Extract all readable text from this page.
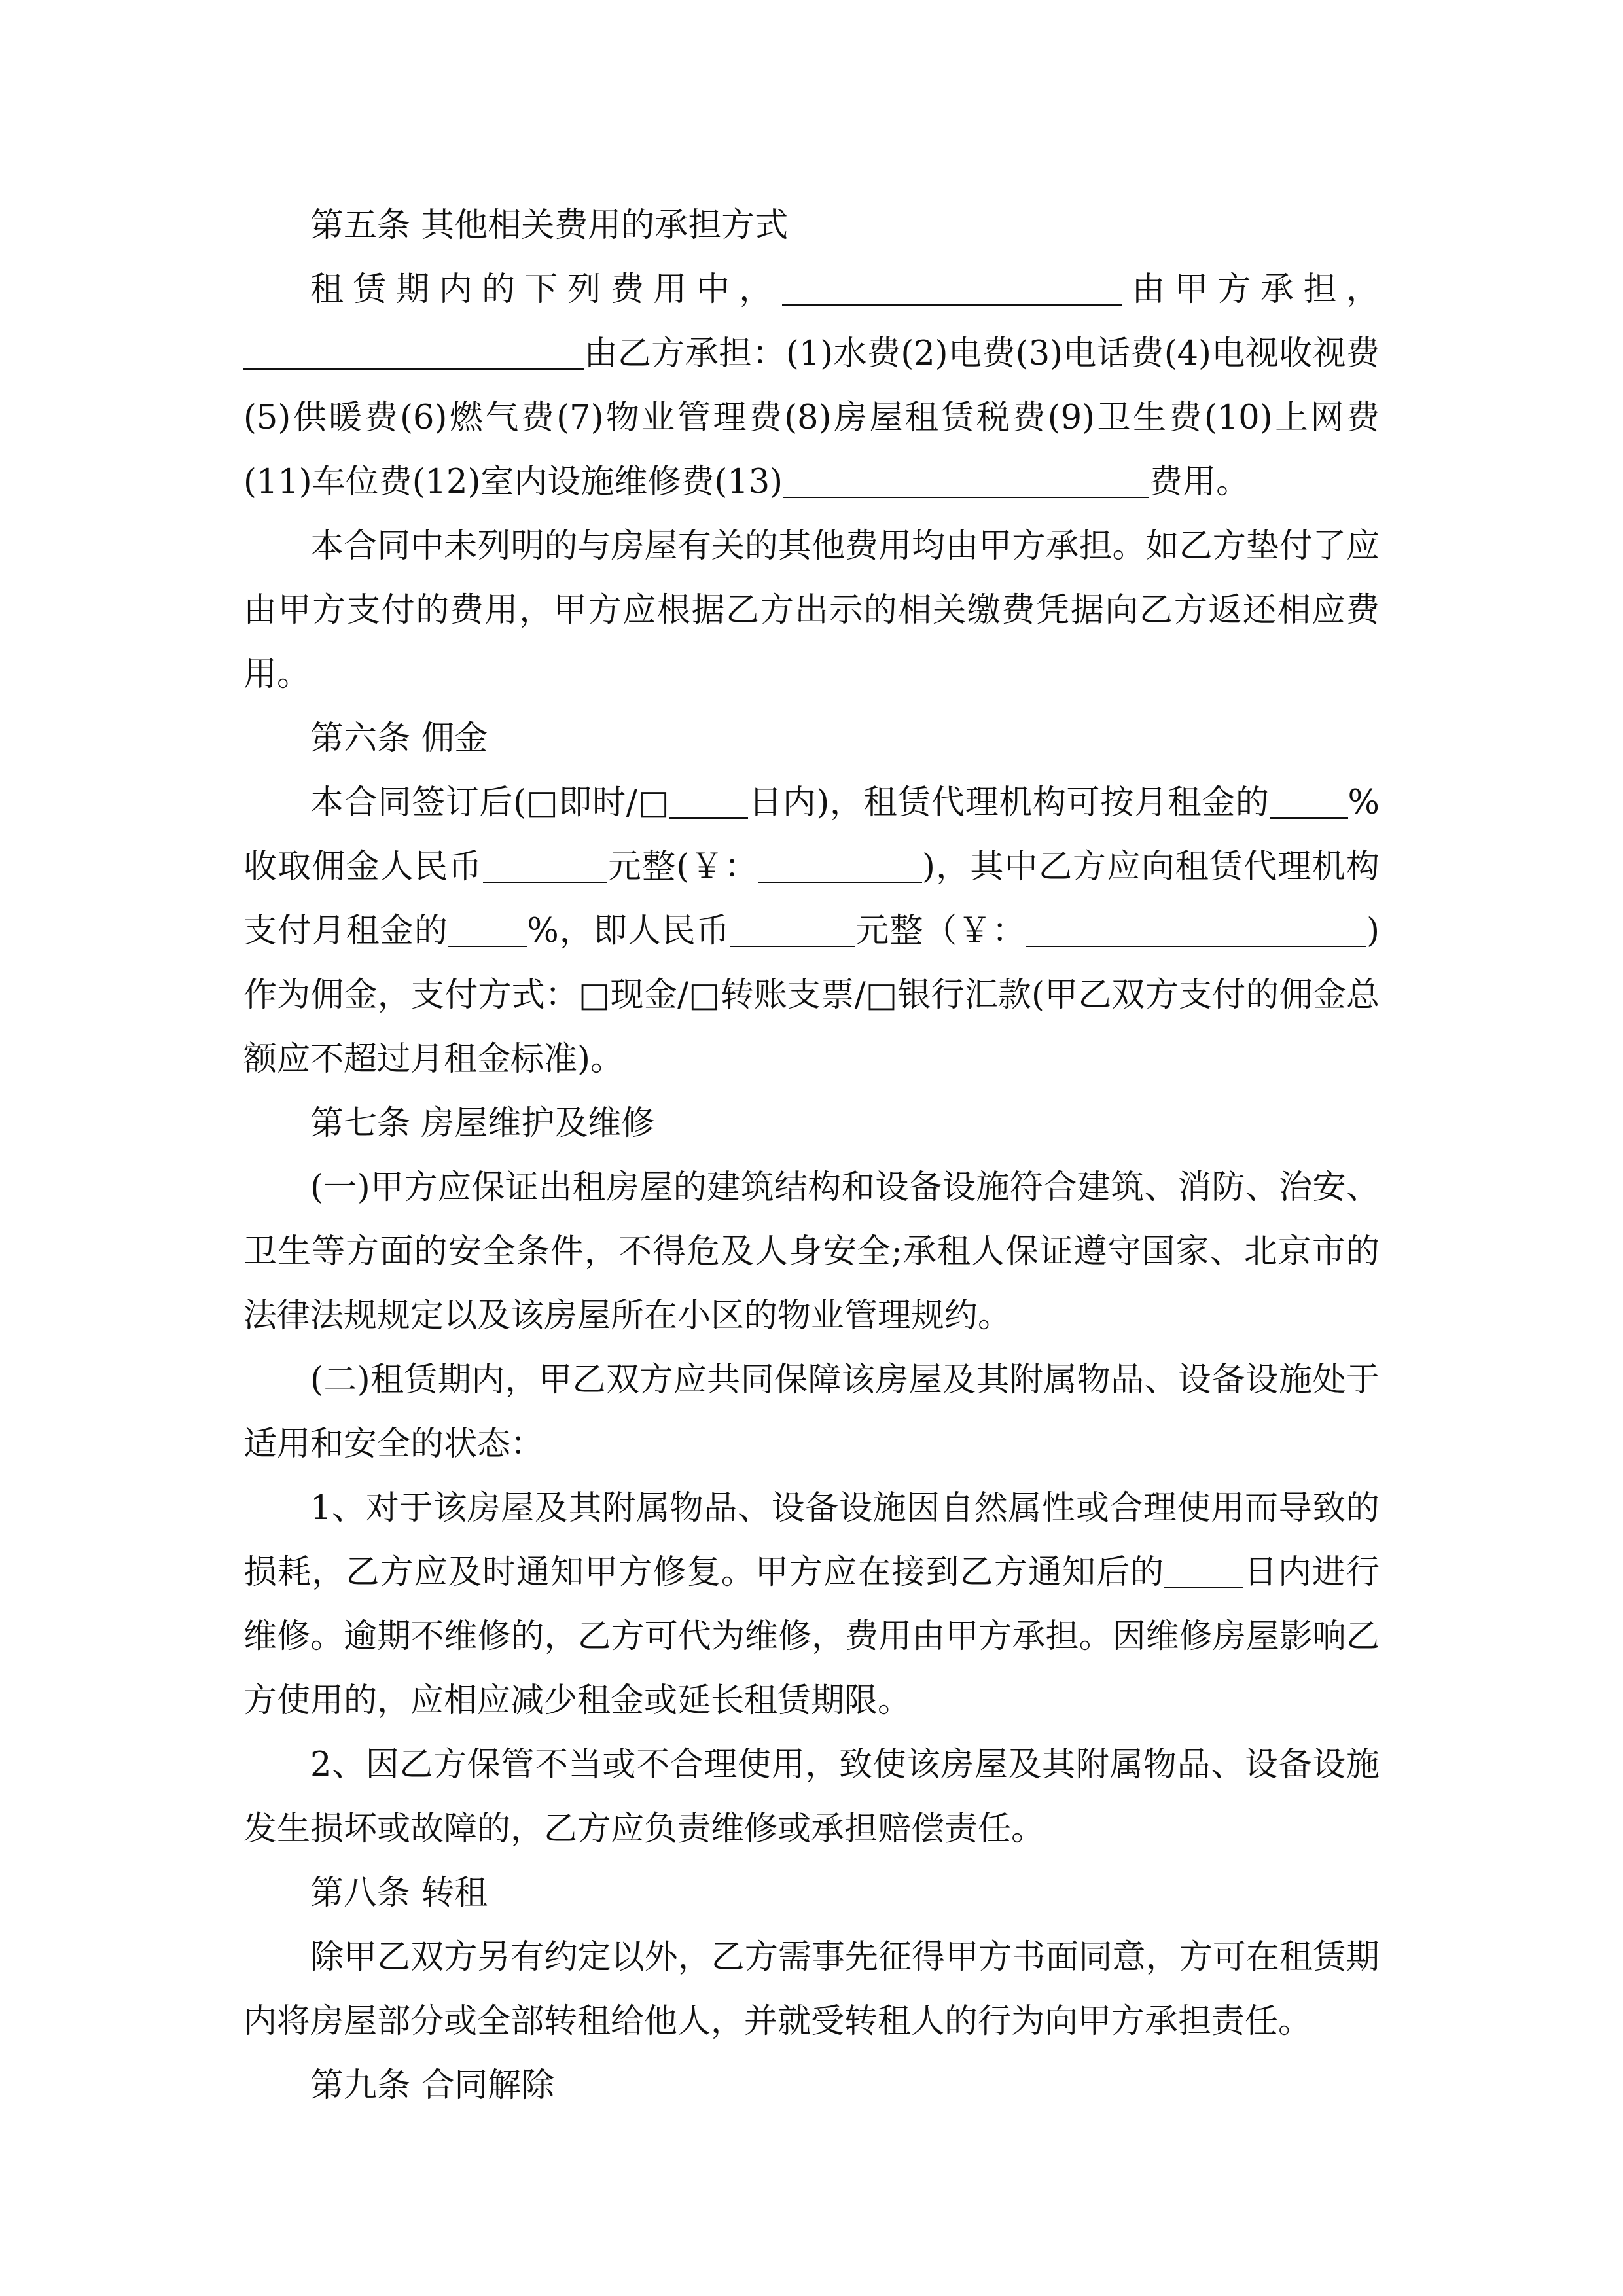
第五条 其他相关费用的承担方式

租赁期内的下列费用中，	由甲方承担，由乙方承担：(1)水费(2)电费(3)电话费(4)电视收视费(5)供暖费(6)燃气费(7)物业管理费(8)房屋租赁税费(9)卫生费(10)上网费(11)车位费(12)室内设施维修费(13)	费用。

本合同中未列明的与房屋有关的其他费用均由甲方承担。如乙方垫付了应由甲方支付的费用，甲方应根据乙方出示的相关缴费凭据向乙方返还相应费用。

第六条 佣金

本合同签订后(□即时/□ 日内)，租赁代理机构可按月租金的 %收取佣金人民币	元整(￥：	)，其中乙方应向租赁代理机构支付月租金的 %，即人民币	元整（￥：	)作为佣金，支付方式：□现金/□转账支票/□银行汇款(甲乙双方支付的佣金总额应不超过月租金标准)。

第七条 房屋维护及维修

(一)甲方应保证出租房屋的建筑结构和设备设施符合建筑、消防、治安、卫生等方面的安全条件，不得危及人身安全;承租人保证遵守国家、北京市的法律法规规定以及该房屋所在小区的物业管理规约。

(二)租赁期内，甲乙双方应共同保障该房屋及其附属物品、设备设施处于适用和安全的状态：

1、对于该房屋及其附属物品、设备设施因自然属性或合理使用而导致的损耗，乙方应及时通知甲方修复。甲方应在接到乙方通知后的 日内进行维修。逾期不维修的，乙方可代为维修，费用由甲方承担。因维修房屋影响乙方使用的，应相应减少租金或延长租赁期限。

2、因乙方保管不当或不合理使用，致使该房屋及其附属物品、设备设施发生损坏或故障的，乙方应负责维修或承担赔偿责任。

第八条 转租

除甲乙双方另有约定以外，乙方需事先征得甲方书面同意，方可在租赁期内将房屋部分或全部转租给他人，并就受转租人的行为向甲方承担责任。

第九条 合同解除
